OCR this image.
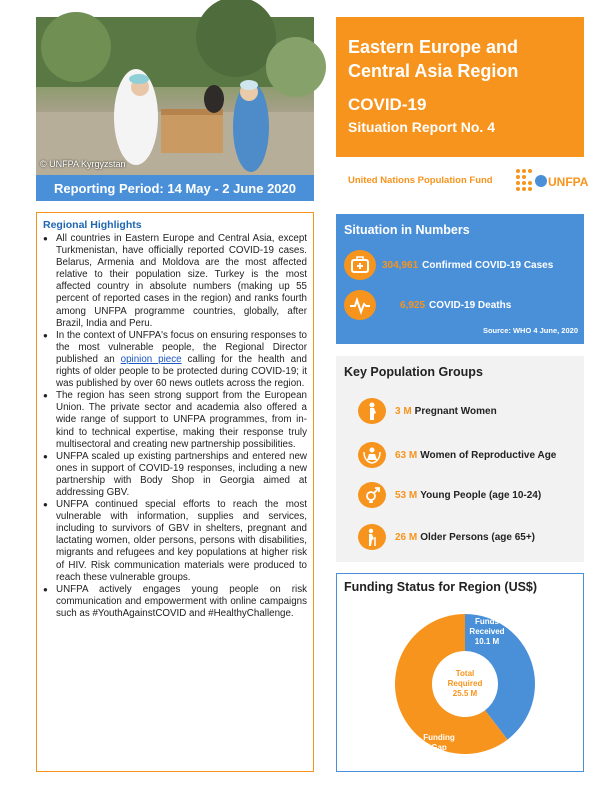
© UNFPA Kyrgyzstan
Reporting Period: 14 May - 2 June 2020
Eastern Europe and
Central Asia Region
COVID-19
Situation Report No. 4
United Nations Population Fund	UNFPA
Regional Highlights
● All countries in Eastern Europe and Central Asia, except Turkmenistan, have officially reported COVID-19 cases. Belarus, Armenia and Moldova are the most affected relative to their population size. Turkey is the most affected country in absolute numbers (making up 55 percent of reported cases in the region) and ranks fourth among UNFPA programme countries, globally, after Brazil, India and Peru.
● In the context of UNFPA's focus on ensuring responses to the most vulnerable people, the Regional Director published an opinion piece calling for the health and rights of older people to be protected during COVID-19; it was published by over 60 news outlets across the region.
● The region has seen strong support from the European Union. The private sector and academia also offered a wide range of support to UNFPA programmes, from in-kind to technical expertise, making their response truly multisectoral and creating new partnership possibilities.
● UNFPA scaled up existing partnerships and entered new ones in support of COVID-19 responses, including a new partnership with Body Shop in Georgia aimed at addressing GBV.
● UNFPA continued special efforts to reach the most vulnerable with information, supplies and services, including to survivors of GBV in shelters, pregnant and lactating women, older persons, persons with disabilities, migrants and refugees and key populations at higher risk of HIV. Risk communication materials were produced to reach these vulnerable groups.
● UNFPA actively engages young people on risk communication and empowerment with online campaigns such as #YouthAgainstCOVID and #HealthyChallenge.
Situation in Numbers
304,961 Confirmed COVID-19 Cases
6,925 COVID-19 Deaths
Source: WHO 4 June, 2020
Key Population Groups
3 M Pregnant Women
63 M Women of Reproductive Age
53 M Young People (age 10-24)
26 M Older Persons (age 65+)
Funding Status for Region (US$)
Funds Received 10.1 M
Funding Gap 15.4 M
Total Required 25.5 M
